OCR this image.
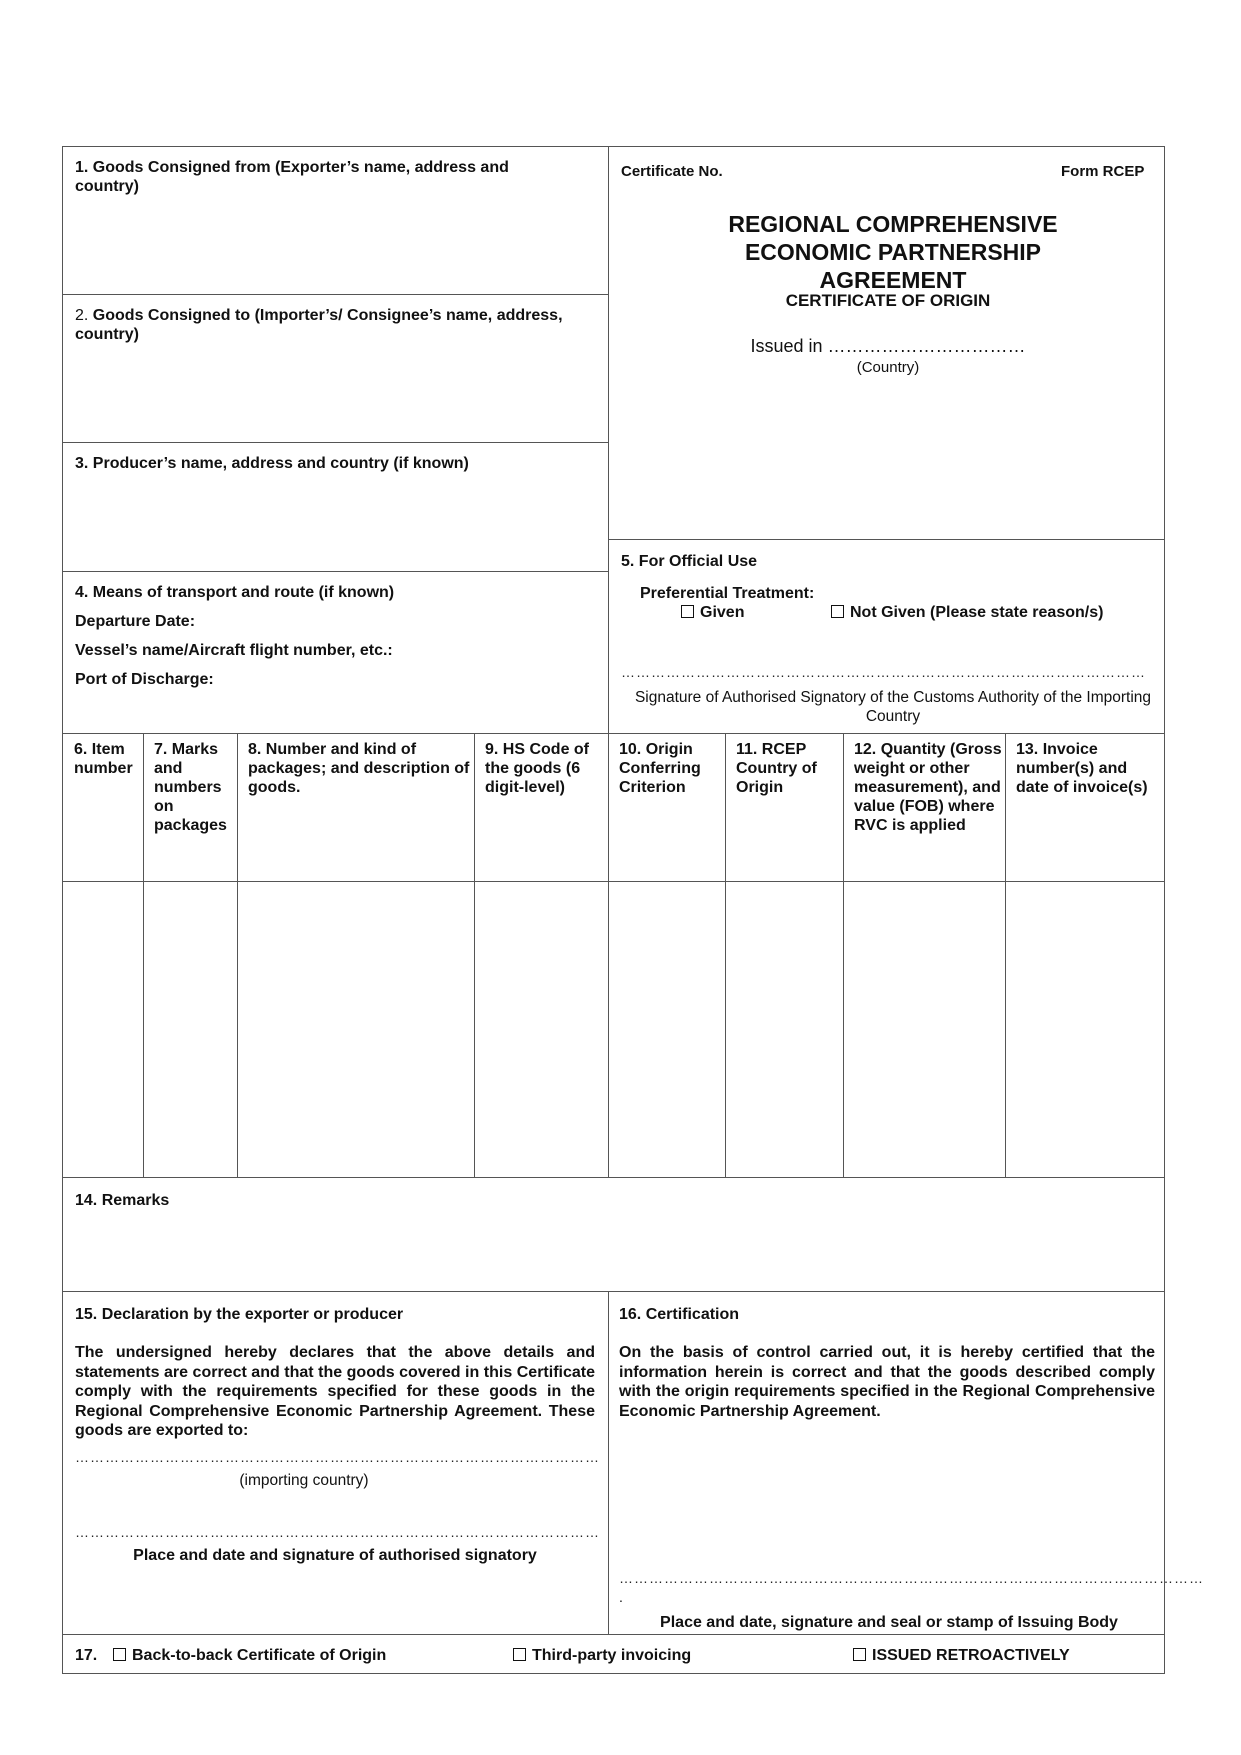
1. Goods Consigned from (Exporter’s name, address and country)
2. Goods Consigned to (Importer’s/ Consignee’s name, address, country)
3. Producer’s name, address and country (if known)
4. Means of transport and route (if known)
Departure Date:
Vessel’s name/Aircraft flight number, etc.:
Port of Discharge:
Certificate No.	Form RCEP
REGIONAL COMPREHENSIVE ECONOMIC PARTNERSHIP AGREEMENT
CERTIFICATE OF ORIGIN
Issued in ……………………………
(Country)
5. For Official Use
Preferential Treatment:
Given	Not Given (Please state reason/s)
……………………………………………………………………………………………
Signature of Authorised Signatory of the Customs Authority of the Importing Country
6. Item number
7. Marks and numbers on packages
8. Number and kind of packages; and description of goods.
9. HS Code of the goods (6 digit-level)
10. Origin Conferring Criterion
11. RCEP Country of Origin
12. Quantity (Gross weight or other measurement), and value (FOB) where RVC is applied
13. Invoice number(s) and date of invoice(s)
14. Remarks
15. Declaration by the exporter or producer
The undersigned hereby declares that the above details and statements are correct and that the goods covered in this Certificate comply with the requirements specified for these goods in the Regional Comprehensive Economic Partnership Agreement. These goods are exported to:
……………………………………………………………………………………………
(importing country)
……………………………………………………………………………………………
Place and date and signature of authorised signatory
16. Certification
On the basis of control carried out, it is hereby certified that the information herein is correct and that the goods described comply with the origin requirements specified in the Regional Comprehensive Economic Partnership Agreement.
………………………………………………………………………………………………………
.
Place and date, signature and seal or stamp of Issuing Body
17.	Back-to-back Certificate of Origin	Third-party invoicing	ISSUED RETROACTIVELY
